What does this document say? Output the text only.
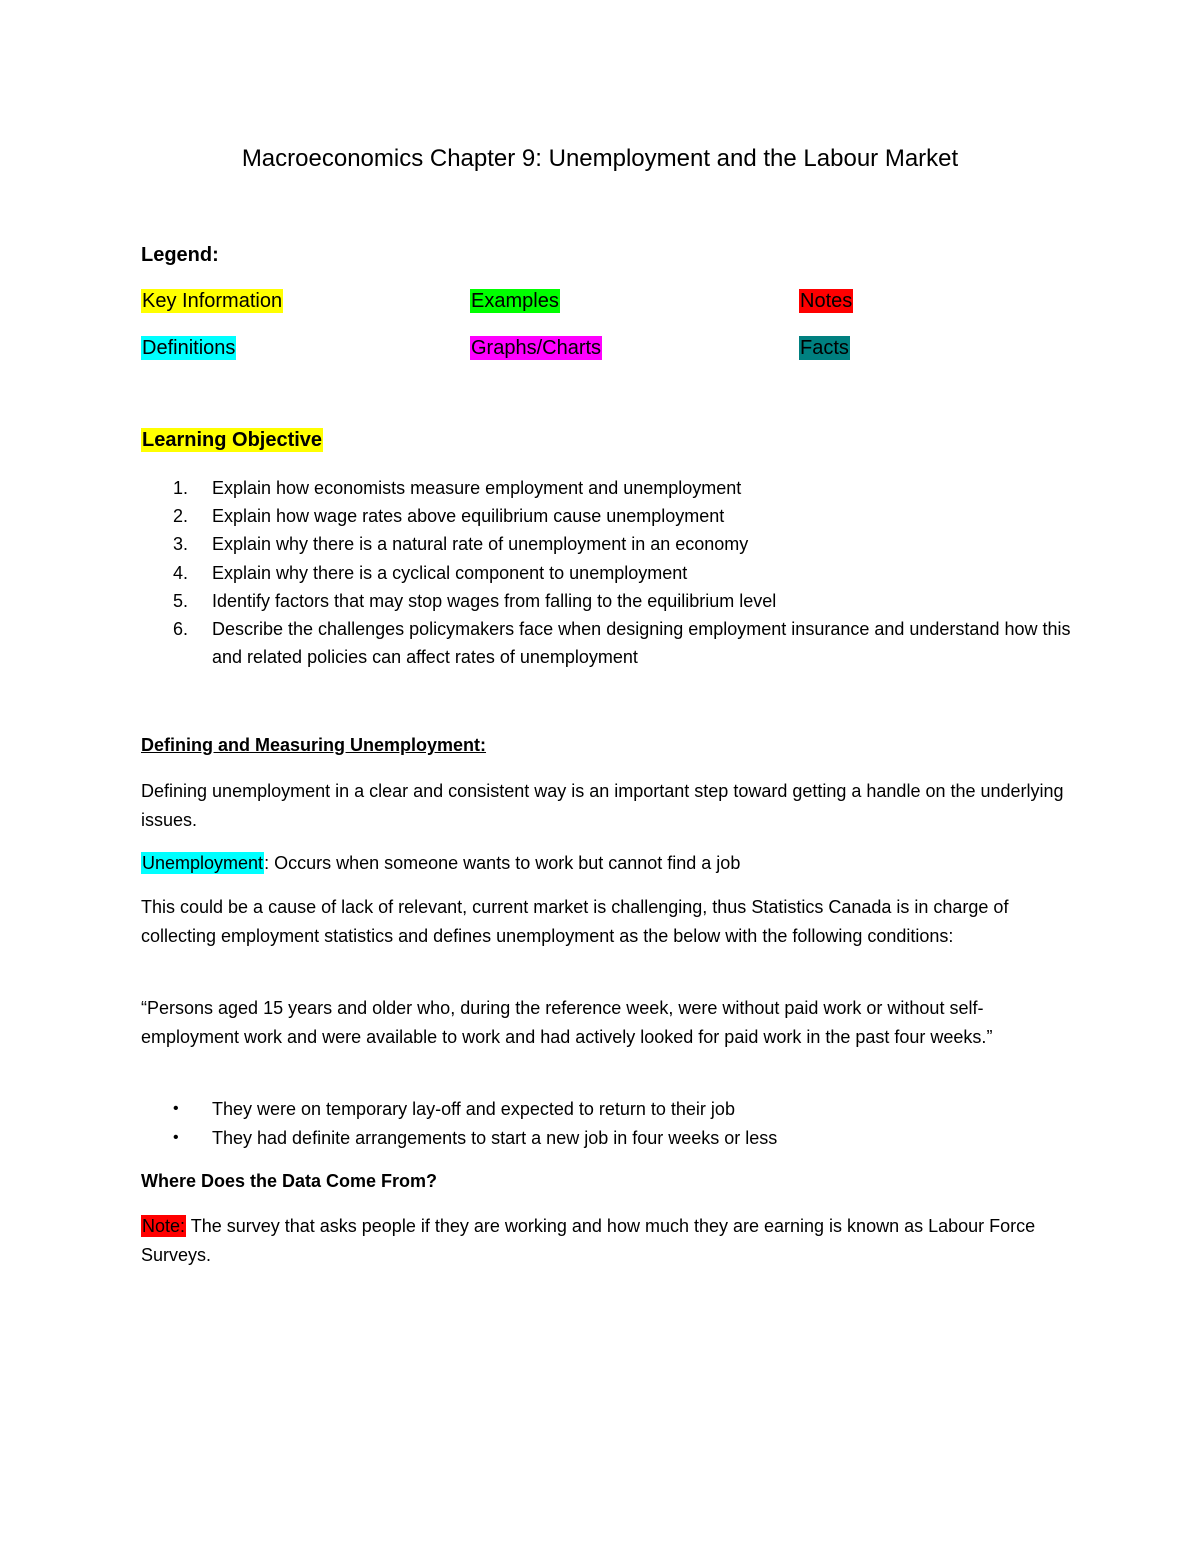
Macroeconomics Chapter 9: Unemployment and the Labour Market
Legend:
Key Information	Examples	Notes
Definitions	Graphs/Charts	Facts
Learning Objective
1. Explain how economists measure employment and unemployment
2. Explain how wage rates above equilibrium cause unemployment
3. Explain why there is a natural rate of unemployment in an economy
4. Explain why there is a cyclical component to unemployment
5. Identify factors that may stop wages from falling to the equilibrium level
6. Describe the challenges policymakers face when designing employment insurance and understand how this and related policies can affect rates of unemployment
Defining and Measuring Unemployment:
Defining unemployment in a clear and consistent way is an important step toward getting a handle on the underlying issues.
Unemployment: Occurs when someone wants to work but cannot find a job
This could be a cause of lack of relevant, current market is challenging, thus Statistics Canada is in charge of collecting employment statistics and defines unemployment as the below with the following conditions:
“Persons aged 15 years and older who, during the reference week, were without paid work or without self-employment work and were available to work and had actively looked for paid work in the past four weeks.”
• They were on temporary lay-off and expected to return to their job
• They had definite arrangements to start a new job in four weeks or less
Where Does the Data Come From?
Note: The survey that asks people if they are working and how much they are earning is known as Labour Force Surveys.
